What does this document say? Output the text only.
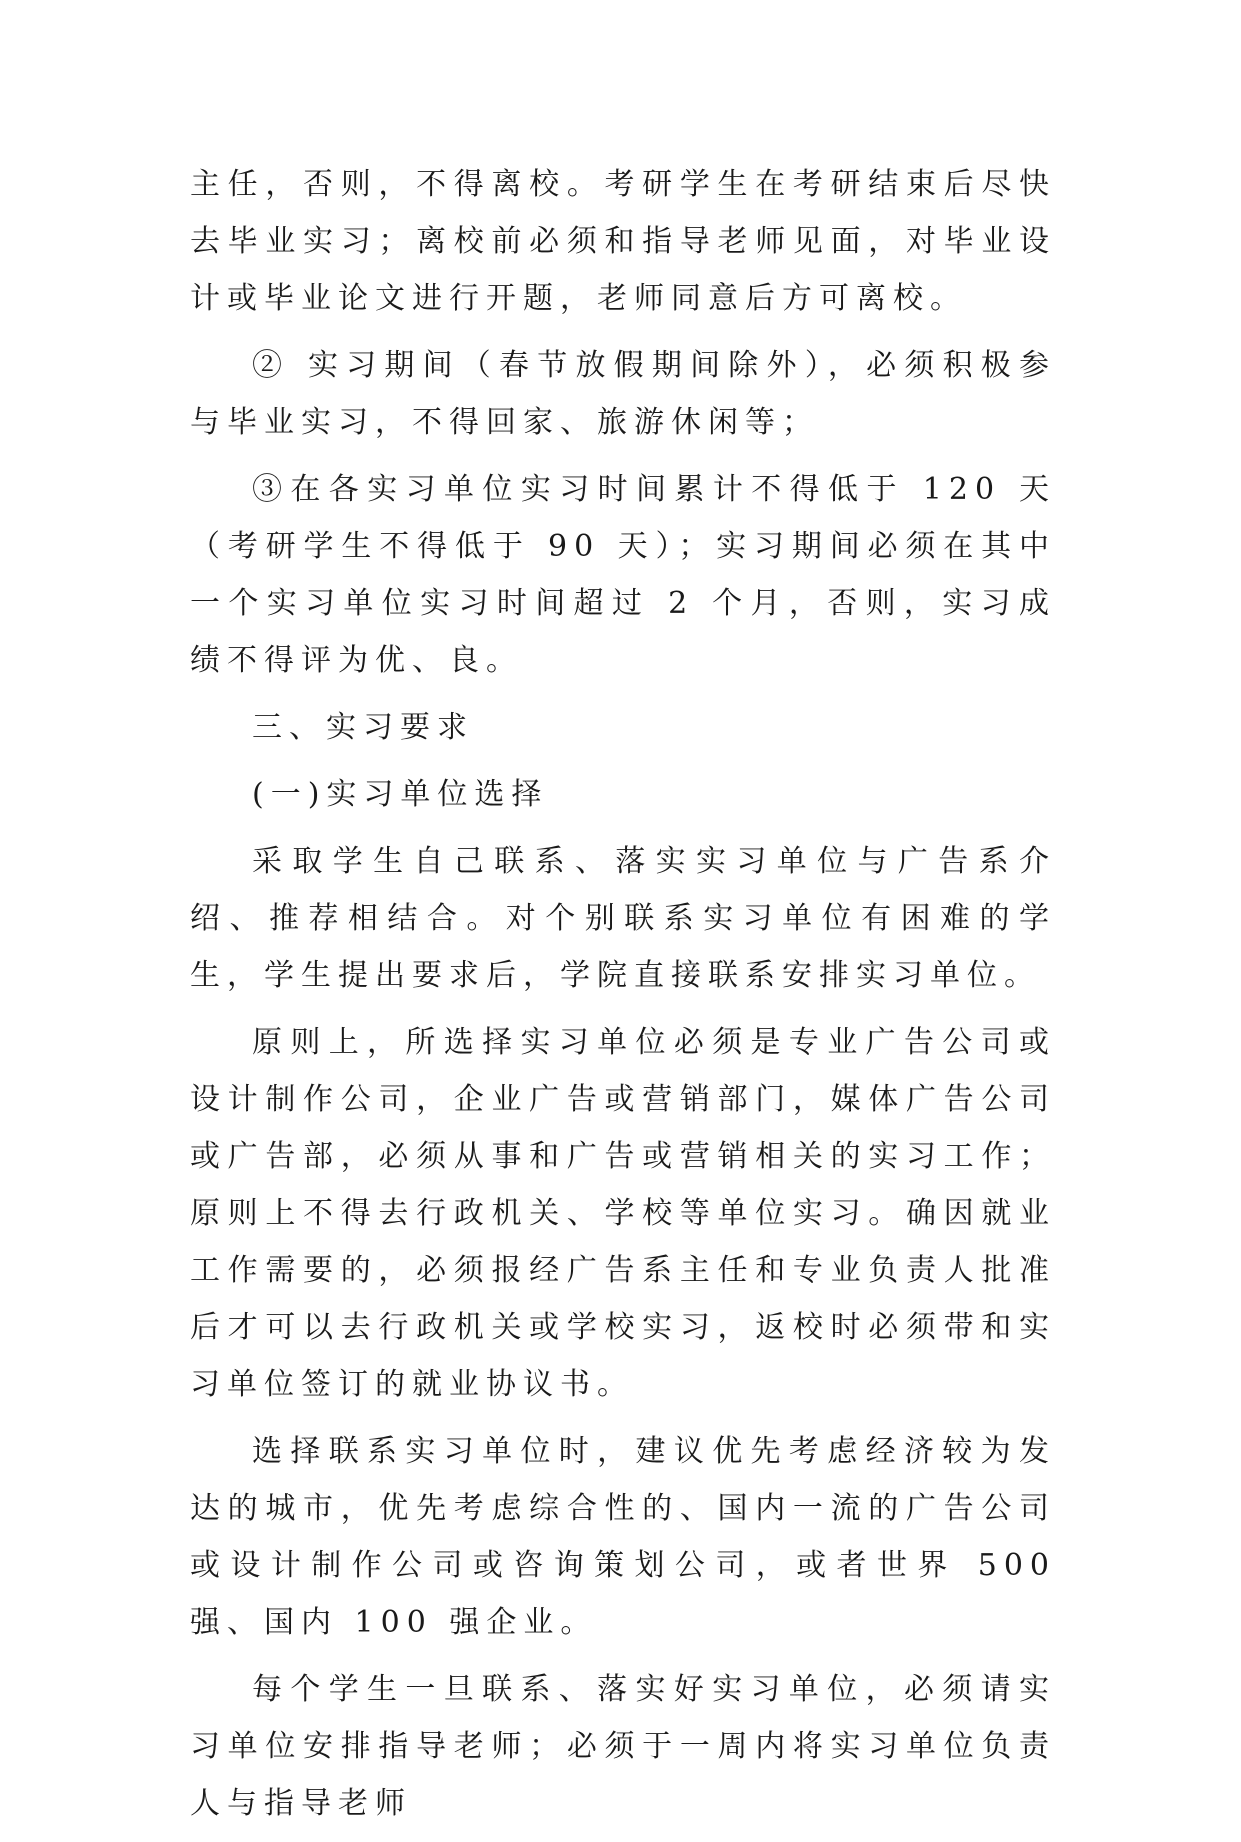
主任，否则，不得离校。考研学生在考研结束后尽快去毕业实习；离校前必须和指导老师见面，对毕业设计或毕业论文进行开题，老师同意后方可离校。

② 实习期间（春节放假期间除外），必须积极参与毕业实习，不得回家、旅游休闲等；

③在各实习单位实习时间累计不得低于 120 天（考研学生不得低于 90 天）；实习期间必须在其中一个实习单位实习时间超过 2 个月，否则，实习成绩不得评为优、良。

三、实习要求

(一)实习单位选择

采取学生自己联系、落实实习单位与广告系介绍、推荐相结合。对个别联系实习单位有困难的学生，学生提出要求后，学院直接联系安排实习单位。

原则上，所选择实习单位必须是专业广告公司或设计制作公司，企业广告或营销部门，媒体广告公司或广告部，必须从事和广告或营销相关的实习工作；原则上不得去行政机关、学校等单位实习。确因就业工作需要的，必须报经广告系主任和专业负责人批准后才可以去行政机关或学校实习，返校时必须带和实习单位签订的就业协议书。

选择联系实习单位时，建议优先考虑经济较为发达的城市，优先考虑综合性的、国内一流的广告公司或设计制作公司或咨询策划公司，或者世界 500 强、国内 100 强企业。

每个学生一旦联系、落实好实习单位，必须请实习单位安排指导老师；必须于一周内将实习单位负责人与指导老师
